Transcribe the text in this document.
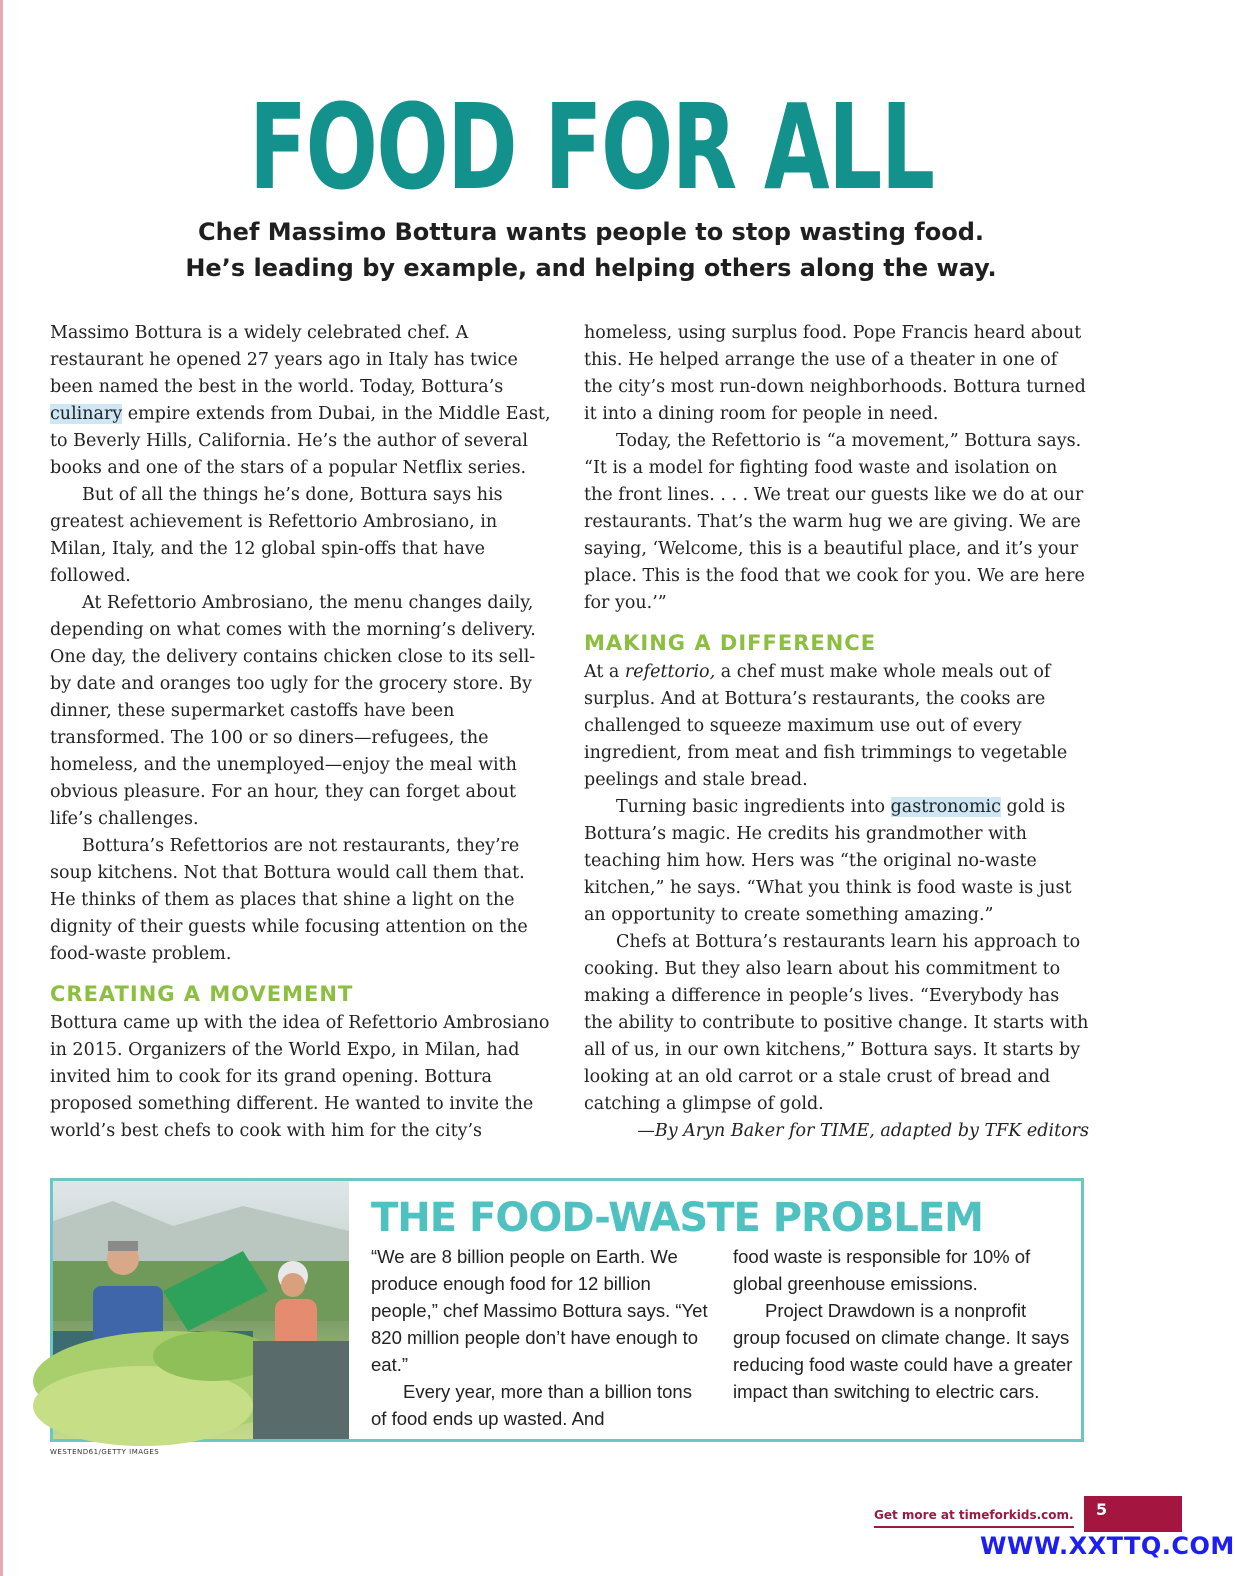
FOOD FOR ALL
Chef Massimo Bottura wants people to stop wasting food.
He’s leading by example, and helping others along the way.

Massimo Bottura is a widely celebrated chef. A restaurant he opened 27 years ago in Italy has twice been named the best in the world. Today, Bottura’s culinary empire extends from Dubai, in the Middle East, to Beverly Hills, California. He’s the author of several books and one of the stars of a popular Netflix series.

But of all the things he’s done, Bottura says his greatest achievement is Refettorio Ambrosiano, in Milan, Italy, and the 12 global spin-offs that have followed.

At Refettorio Ambrosiano, the menu changes daily, depending on what comes with the morning’s delivery. One day, the delivery contains chicken close to its sell-by date and oranges too ugly for the grocery store. By dinner, these supermarket castoffs have been transformed. The 100 or so diners—refugees, the homeless, and the unemployed—enjoy the meal with obvious pleasure. For an hour, they can forget about life’s challenges.

Bottura’s Refettorios are not restaurants, they’re soup kitchens. Not that Bottura would call them that. He thinks of them as places that shine a light on the dignity of their guests while focusing attention on the food-waste problem.

CREATING A MOVEMENT

Bottura came up with the idea of Refettorio Ambrosiano in 2015. Organizers of the World Expo, in Milan, had invited him to cook for its grand opening. Bottura proposed something different. He wanted to invite the world’s best chefs to cook with him for the city’s

homeless, using surplus food. Pope Francis heard about this. He helped arrange the use of a theater in one of the city’s most run-down neighborhoods. Bottura turned it into a dining room for people in need.

Today, the Refettorio is “a movement,” Bottura says. “It is a model for fighting food waste and isolation on the front lines. . . . We treat our guests like we do at our restaurants. That’s the warm hug we are giving. We are saying, ‘Welcome, this is a beautiful place, and it’s your place. This is the food that we cook for you. We are here for you.’”

MAKING A DIFFERENCE

At a refettorio, a chef must make whole meals out of surplus. And at Bottura’s restaurants, the cooks are challenged to squeeze maximum use out of every ingredient, from meat and fish trimmings to vegetable peelings and stale bread.

Turning basic ingredients into gastronomic gold is Bottura’s magic. He credits his grandmother with teaching him how. Hers was “the original no-waste kitchen,” he says. “What you think is food waste is just an opportunity to create something amazing.”

Chefs at Bottura’s restaurants learn his approach to cooking. But they also learn about his commitment to making a difference in people’s lives. “Everybody has the ability to contribute to positive change. It starts with all of us, in our own kitchens,” Bottura says. It starts by looking at an old carrot or a stale crust of bread and catching a glimpse of gold.

—By Aryn Baker for TIME, adapted by TFK editors

THE FOOD-WASTE PROBLEM

“We are 8 billion people on Earth. We produce enough food for 12 billion people,” chef Massimo Bottura says. “Yet 820 million people don’t have enough to eat.”

Every year, more than a billion tons of food ends up wasted. And

food waste is responsible for 10% of global greenhouse emissions.

Project Drawdown is a nonprofit group focused on climate change. It says reducing food waste could have a greater impact than switching to electric cars.

WESTEND61/GETTY IMAGES
Get more at timeforkids.com.	5
WWW.XXTTQ.COM
